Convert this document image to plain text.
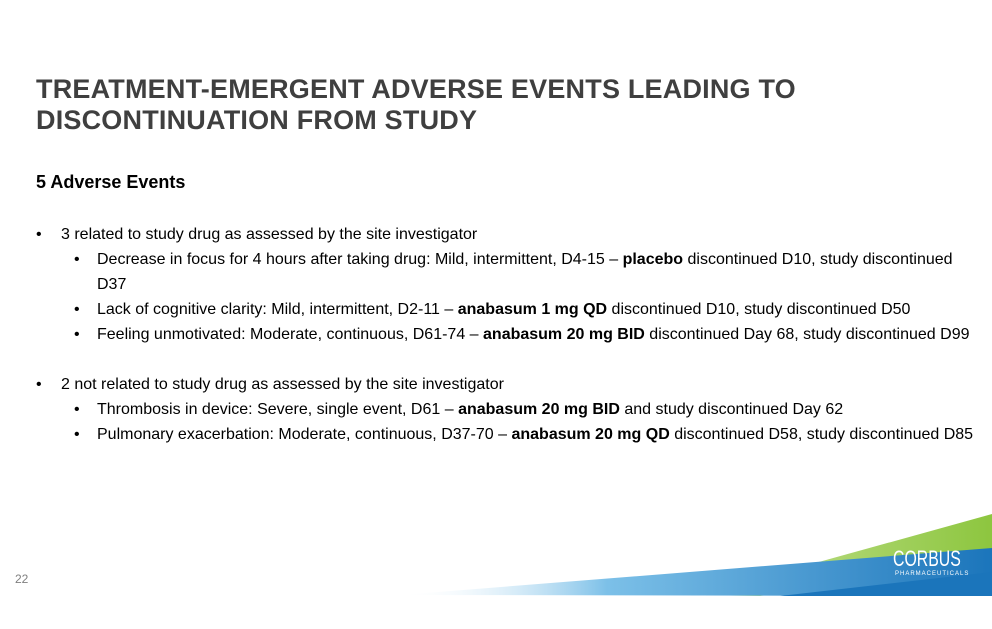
TREATMENT-EMERGENT ADVERSE EVENTS LEADING TO
DISCONTINUATION FROM STUDY
5 Adverse Events
• 3 related to study drug as assessed by the site investigator
• Decrease in focus for 4 hours after taking drug: Mild, intermittent, D4-15 – placebo discontinued D10, study discontinued D37
• Lack of cognitive clarity: Mild, intermittent, D2-11 – anabasum 1 mg QD discontinued D10, study discontinued D50
• Feeling unmotivated: Moderate, continuous, D61-74 – anabasum 20 mg BID discontinued Day 68, study discontinued D99
• 2 not related to study drug as assessed by the site investigator
• Thrombosis in device: Severe, single event, D61 – anabasum 20 mg BID and study discontinued Day 62
• Pulmonary exacerbation: Moderate, continuous, D37-70 – anabasum 20 mg QD discontinued D58, study discontinued D85
22
CORBUS
PHARMACEUTICALS
